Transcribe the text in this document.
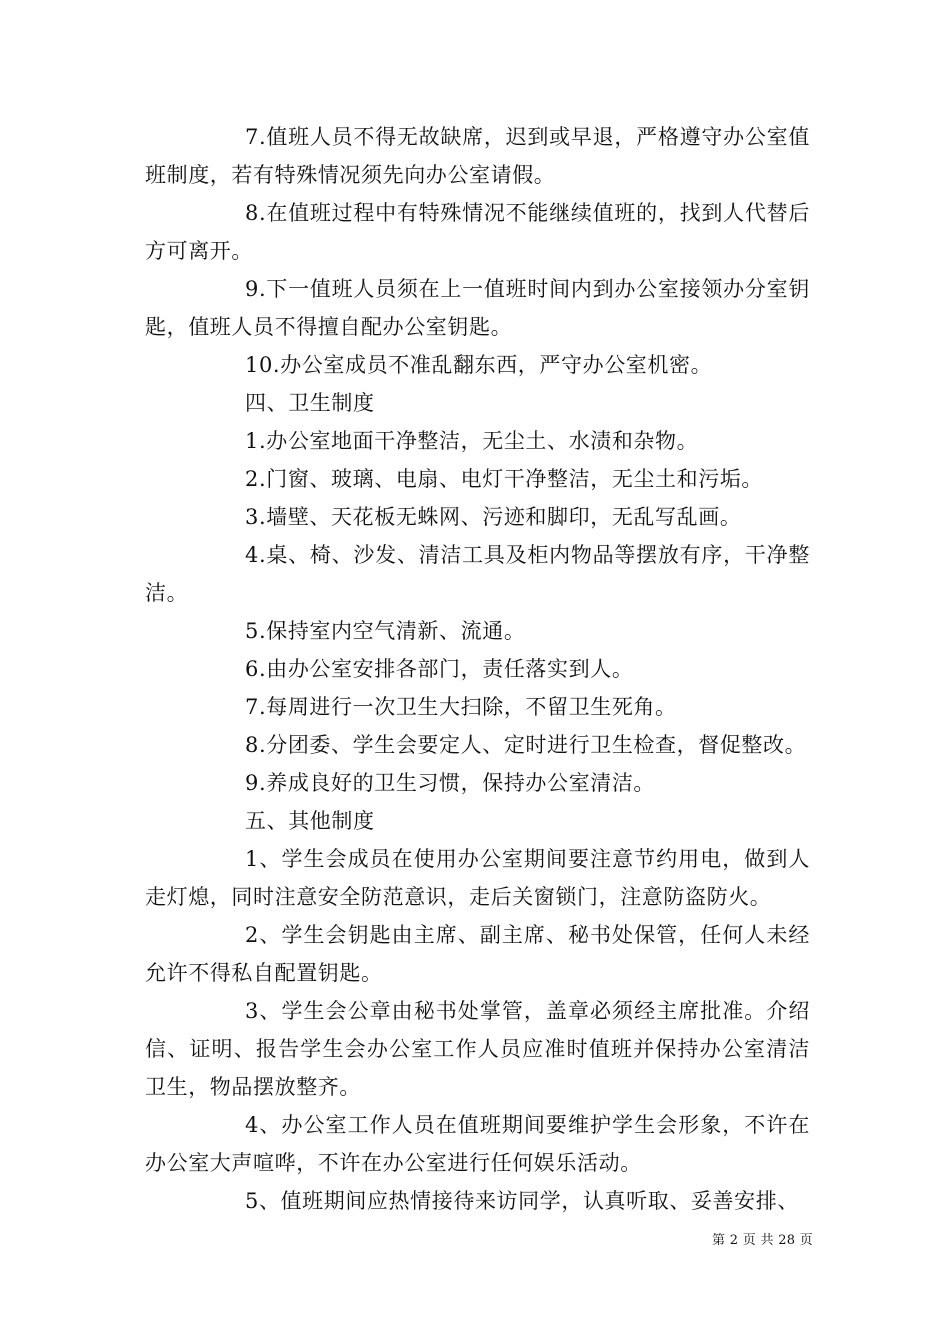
7.值班人员不得无故缺席，迟到或早退，严格遵守办公室值班制度，若有特殊情况须先向办公室请假。

8.在值班过程中有特殊情况不能继续值班的，找到人代替后方可离开。

9.下一值班人员须在上一值班时间内到办公室接领办分室钥匙，值班人员不得擅自配办公室钥匙。

10.办公室成员不准乱翻东西，严守办公室机密。

四、卫生制度

1.办公室地面干净整洁，无尘土、水渍和杂物。

2.门窗、玻璃、电扇、电灯干净整洁，无尘土和污垢。

3.墙壁、天花板无蛛网、污迹和脚印，无乱写乱画。

4.桌、椅、沙发、清洁工具及柜内物品等摆放有序，干净整洁。

5.保持室内空气清新、流通。

6.由办公室安排各部门，责任落实到人。

7.每周进行一次卫生大扫除，不留卫生死角。

8.分团委、学生会要定人、定时进行卫生检查，督促整改。

9.养成良好的卫生习惯，保持办公室清洁。

五、其他制度

1、学生会成员在使用办公室期间要注意节约用电，做到人走灯熄，同时注意安全防范意识，走后关窗锁门，注意防盗防火。

2、学生会钥匙由主席、副主席、秘书处保管，任何人未经允许不得私自配置钥匙。

3、学生会公章由秘书处掌管，盖章必须经主席批准。介绍信、证明、报告学生会办公室工作人员应准时值班并保持办公室清洁卫生，物品摆放整齐。

4、办公室工作人员在值班期间要维护学生会形象，不许在办公室大声喧哗，不许在办公室进行任何娱乐活动。

5、值班期间应热情接待来访同学，认真听取、妥善安排、

第 2 页 共 28 页
